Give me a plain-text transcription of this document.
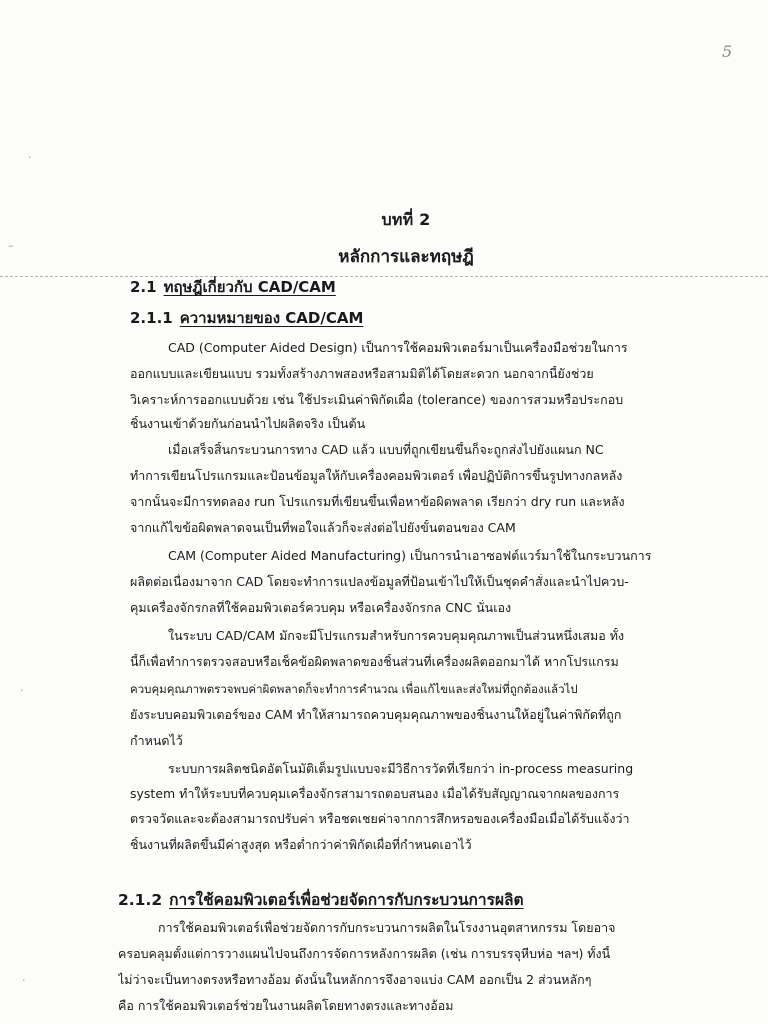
5
·
–
·
·
บทที่ 2
หลักการและทฤษฎี
2.1 ทฤษฎีเกี่ยวกับ CAD/CAM
2.1.1 ความหมายของ CAD/CAM
CAD (Computer Aided Design) เป็นการใช้คอมพิวเตอร์มาเป็นเครื่องมือช่วยในการ
ออกแบบและเขียนแบบ รวมทั้งสร้างภาพสองหรือสามมิติได้โดยสะดวก นอกจากนี้ยังช่วย
วิเคราะห์การออกแบบด้วย เช่น ใช้ประเมินค่าพิกัดเผื่อ (tolerance) ของการสวมหรือประกอบ
ชิ้นงานเข้าด้วยกันก่อนนำไปผลิตจริง เป็นต้น
เมื่อเสร็จสิ้นกระบวนการทาง CAD แล้ว แบบที่ถูกเขียนขึ้นก็จะถูกส่งไปยังแผนก NC
ทำการเขียนโปรแกรมและป้อนข้อมูลให้กับเครื่องคอมพิวเตอร์ เพื่อปฏิบัติการขึ้นรูปทางกลหลัง
จากนั้นจะมีการทดลอง run โปรแกรมที่เขียนขึ้นเพื่อหาข้อผิดพลาด เรียกว่า dry run และหลัง
จากแก้ไขข้อผิดพลาดจนเป็นที่พอใจแล้วก็จะส่งต่อไปยังขั้นตอนของ CAM
CAM (Computer Aided Manufacturing) เป็นการนำเอาซอฟต์แวร์มาใช้ในกระบวนการ
ผลิตต่อเนื่องมาจาก CAD โดยจะทำการแปลงข้อมูลที่ป้อนเข้าไปให้เป็นชุดคำสั่งและนำไปควบ-
คุมเครื่องจักรกลที่ใช้คอมพิวเตอร์ควบคุม หรือเครื่องจักรกล CNC นั่นเอง
ในระบบ CAD/CAM มักจะมีโปรแกรมสำหรับการควบคุมคุณภาพเป็นส่วนหนึ่งเสมอ ทั้ง
นี้ก็เพื่อทำการตรวจสอบหรือเช็คข้อผิดพลาดของชิ้นส่วนที่เครื่องผลิตออกมาได้ หากโปรแกรม
ควบคุมคุณภาพตรวจพบค่าผิดพลาดก็จะทำการคำนวณ เพื่อแก้ไขและส่งใหม่ที่ถูกต้องแล้วไป
ยังระบบคอมพิวเตอร์ของ CAM ทำให้สามารถควบคุมคุณภาพของชิ้นงานให้อยู่ในค่าพิกัดที่ถูก
กำหนดไว้
ระบบการผลิตชนิดอัตโนมัติเต็มรูปแบบจะมีวิธีการวัดที่เรียกว่า in-process measuring
system ทำให้ระบบที่ควบคุมเครื่องจักรสามารถตอบสนอง เมื่อได้รับสัญญาณจากผลของการ
ตรวจวัดและจะต้องสามารถปรับค่า หรือชดเชยค่าจากการสึกหรอของเครื่องมือเมื่อได้รับแจ้งว่า
ชิ้นงานที่ผลิตขึ้นมีค่าสูงสุด หรือต่ำกว่าค่าพิกัดเผื่อที่กำหนดเอาไว้
2.1.2 การใช้คอมพิวเตอร์เพื่อช่วยจัดการกับกระบวนการผลิต
การใช้คอมพิวเตอร์เพื่อช่วยจัดการกับกระบวนการผลิตในโรงงานอุตสาหกรรม โดยอาจ
ครอบคลุมตั้งแต่การวางแผนไปจนถึงการจัดการหลังการผลิต (เช่น การบรรจุหีบห่อ ฯลฯ) ทั้งนี้
ไม่ว่าจะเป็นทางตรงหรือทางอ้อม ดังนั้นในหลักการจึงอาจแบ่ง CAM ออกเป็น 2 ส่วนหลักๆ
คือ การใช้คอมพิวเตอร์ช่วยในงานผลิตโดยทางตรงและทางอ้อม
